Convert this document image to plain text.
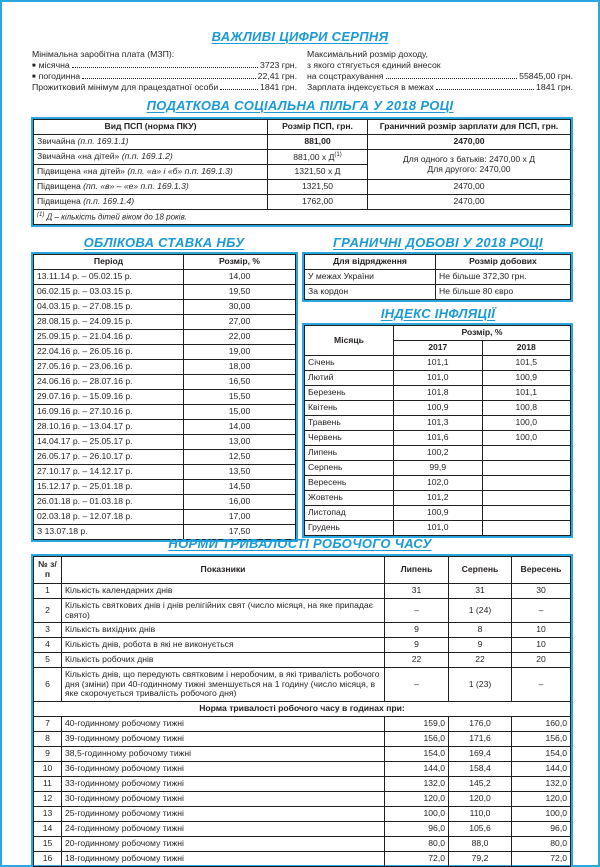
ВАЖЛИВІ ЦИФРИ СЕРПНЯ
Мінімальна заробітна плата (МЗП):
■ місячна	3723 грн.
■ погодинна	22,41 грн.
Прожитковий мінімум для працездатної особи	1841 грн.
Максимальний розмір доходу,
з якого стягується єдиний внесок
на соцстрахування	55845,00 грн.
Зарплата індексується в межах	1841 грн.
ПОДАТКОВА СОЦІАЛЬНА ПІЛЬГА У 2018 РОЦІ
Вид ПСП (норма ПКУ)	Розмір ПСП, грн.	Граничний розмір зарплати для ПСП, грн.
Звичайна (п.п. 169.1.1)	881,00	2470,00
Звичайна «на дітей» (п.п. 169.1.2)	881,00 х $Д^{(1)}$	Для одного з батьків: 2470,00 х Д
Для другого: 2470,00

Підвищена «на дітей» (п.п. «а» і «б» п.п. 169.1.3)	1321,50 х Д	
Підвищена (пп. «в» – «е» п.п. 169.1.3)	1321,50	2470,00
Підвищена (п.п. 169.1.4)	1762,00	2470,00
$^{(1)}$ Д – кількість дітей віком до 18 років.		
ОБЛІКОВА СТАВКА НБУ
Період	Розмір, %
13.11.14 р. – 05.02.15 р.	14,00
06.02.15 р. – 03.03.15 р.	19,50
04.03.15 р. – 27.08.15 р.	30,00
28.08.15 р. – 24.09.15 р.	27,00
25.09.15 р. – 21.04.16 р.	22,00
22.04.16 р. – 26.05.16 р.	19,00
27.05.16 р. – 23.06.16 р.	18,00
24.06.16 р. – 28.07.16 р.	16,50
29.07.16 р. – 15.09.16 р.	15,50
16.09.16 р. – 27.10.16 р.	15,00
28.10.16 р. – 13.04.17 р.	14,00
14.04.17 р. – 25.05.17 р.	13,00
26.05.17 р. – 26.10.17 р.	12,50
27.10.17 р. – 14.12.17 р.	13,50
15.12.17 р. – 25.01.18 р.	14,50
26.01.18 р. – 01.03.18 р.	16,00
02.03.18 р. – 12.07.18 р.	17,00
З 13.07.18 р.	17,50
ГРАНИЧНІ ДОБОВІ У 2018 РОЦІ
Для відрядження	Розмір добових
У межах України	Не більше 372,30 грн.
За кордон	Не більше 80 євро
ІНДЕКС ІНФЛЯЦІЇ
Місяць	Розмір, %	
	2017	2018
Січень	101,1	101,5
Лютий	101,0	100,9
Березень	101,8	101,1
Квітень	100,9	100,8
Травень	101,3	100,0
Червень	101,6	100,0
Липень	100,2	
Серпень	99,9	
Вересень	102,0	
Жовтень	101,2	
Листопад	100,9	
Грудень	101,0	
НОРМИ ТРИВАЛОСТІ РОБОЧОГО ЧАСУ
№ з/п	Показники	Липень	Серпень	Вересень
1	Кількість календарних днів	31	31	30
2	Кількість святкових днів і днів релігійних свят (число місяця, на яке припадає свято)	–	1 (24)	–
3	Кількість вихідних днів	9	8	10
4	Кількість днів, робота в які не виконується	9	9	10
5	Кількість робочих днів	22	22	20
6	Кількість днів, що передують святковим і неробочим, в які тривалість робочого дня (зміни) при 40-годинному тижні зменшується на 1 годину (число місяця, в яке скорочується тривалість робочого дня)	–	1 (23)	–
Норма тривалості робочого часу в годинах при:				
7	40-годинному робочому тижні	159,0	176,0	160,0
8	39-годинному робочому тижні	156,0	171,6	156,0
9	38,5-годинному робочому тижні	154,0	169,4	154,0
10	36-годинному робочому тижні	144,0	158,4	144,0
11	33-годинному робочому тижні	132,0	145,2	132,0
12	30-годинному робочому тижні	120,0	120,0	120,0
13	25-годинному робочому тижні	100,0	110,0	100,0
14	24-годинному робочому тижні	96,0	105,6	96,0
15	20-годинному робочому тижні	80,0	88,0	80,0
16	18-годинному робочому тижні	72,0	79,2	72,0
